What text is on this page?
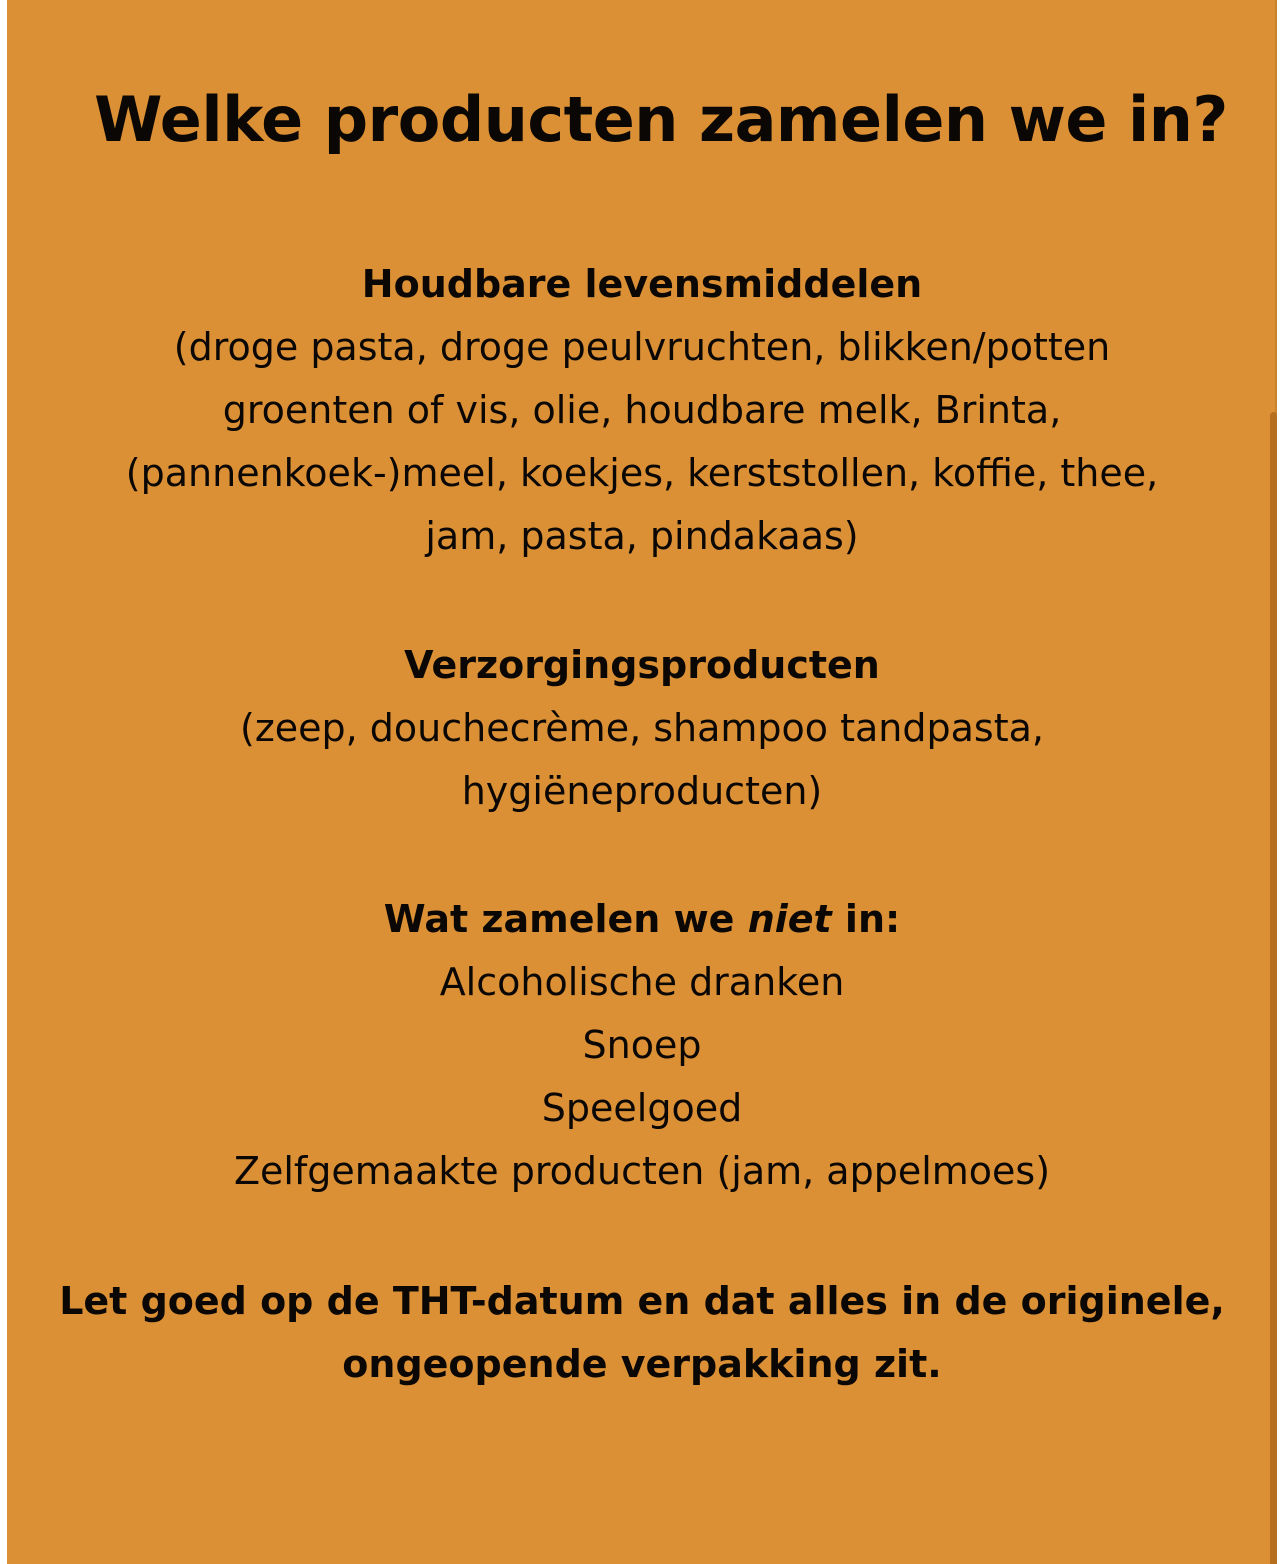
Welke producten zamelen we in?
Houdbare levensmiddelen
(droge pasta, droge peulvruchten, blikken/potten
groenten of vis, olie, houdbare melk, Brinta,
(pannenkoek-)meel, koekjes, kerststollen, koffie, thee,
jam, pasta, pindakaas)
Verzorgingsproducten
(zeep, douchecrème, shampoo tandpasta,
hygiëneproducten)
Wat zamelen we niet in:
Alcoholische dranken
Snoep
Speelgoed
Zelfgemaakte producten (jam, appelmoes)
Let goed op de THT-datum en dat alles in de originele,
ongeopende verpakking zit.
